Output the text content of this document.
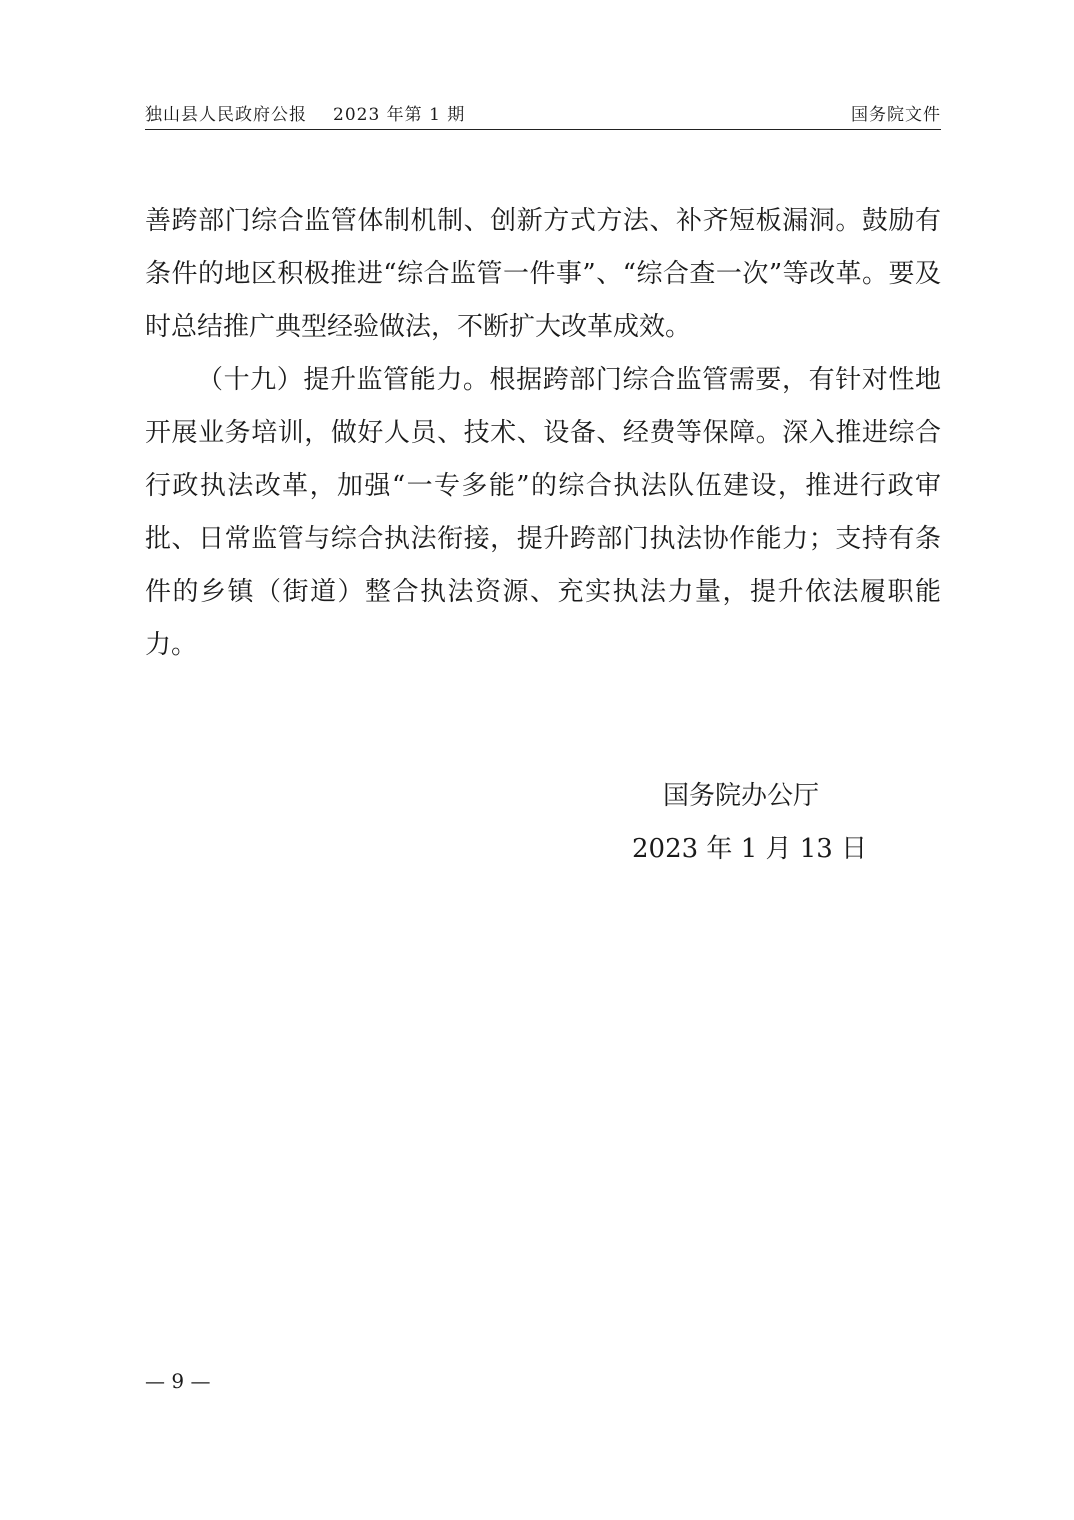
独山县人民政府公报 2023 年第 1 期	国务院文件

善跨部门综合监管体制机制、创新方式方法、补齐短板漏洞。鼓励有条件的地区积极推进“综合监管一件事”、“综合查一次”等改革。要及时总结推广典型经验做法，不断扩大改革成效。

（十九）提升监管能力。根据跨部门综合监管需要，有针对性地开展业务培训，做好人员、技术、设备、经费等保障。深入推进综合行政执法改革，加强“一专多能”的综合执法队伍建设，推进行政审批、日常监管与综合执法衔接，提升跨部门执法协作能力；支持有条件的乡镇（街道）整合执法资源、充实执法力量，提升依法履职能力。

国务院办公厅
2023 年 1 月 13 日
— 9 —
